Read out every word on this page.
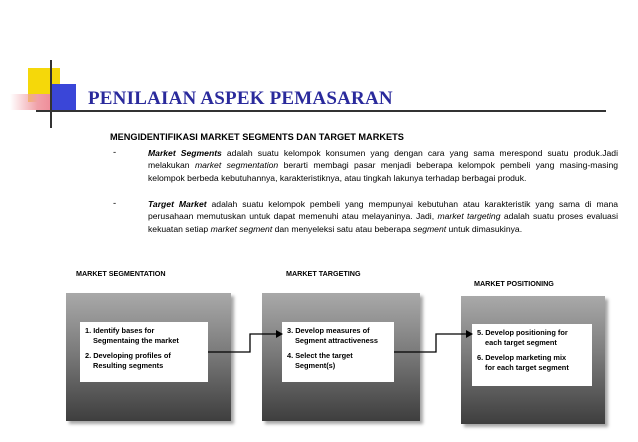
PENILAIAN ASPEK PEMASARAN
MENGIDENTIFIKASI MARKET SEGMENTS DAN TARGET MARKETS
-	Market Segments adalah suatu kelompok konsumen yang dengan cara yang sama merespond suatu produk.Jadi melakukan market segmentation berarti membagi pasar menjadi beberapa kelompok pembeli yang masing-masing kelompok berbeda kebutuhannya, karakteristiknya, atau tingkah lakunya terhadap berbagai produk.
-	Target Market adalah suatu kelompok pembeli yang mempunyai kebutuhan atau karakteristik yang sama di mana perusahaan memutuskan untuk dapat memenuhi atau melayaninya. Jadi, market targeting adalah suatu proses evaluasi kekuatan setiap market segment dan menyeleksi satu atau beberapa segment untuk dimasukinya.
MARKET SEGMENTATION	MARKET TARGETING
MARKET POSITIONING
1. Identify bases for
Segmentaing the market
2. Developing profiles of
Resulting segments
3. Develop measures of
Segment attractiveness
4. Select the target
Segment(s)
5. Develop positioning for
each target segment
6. Develop marketing mix
for each target segment
